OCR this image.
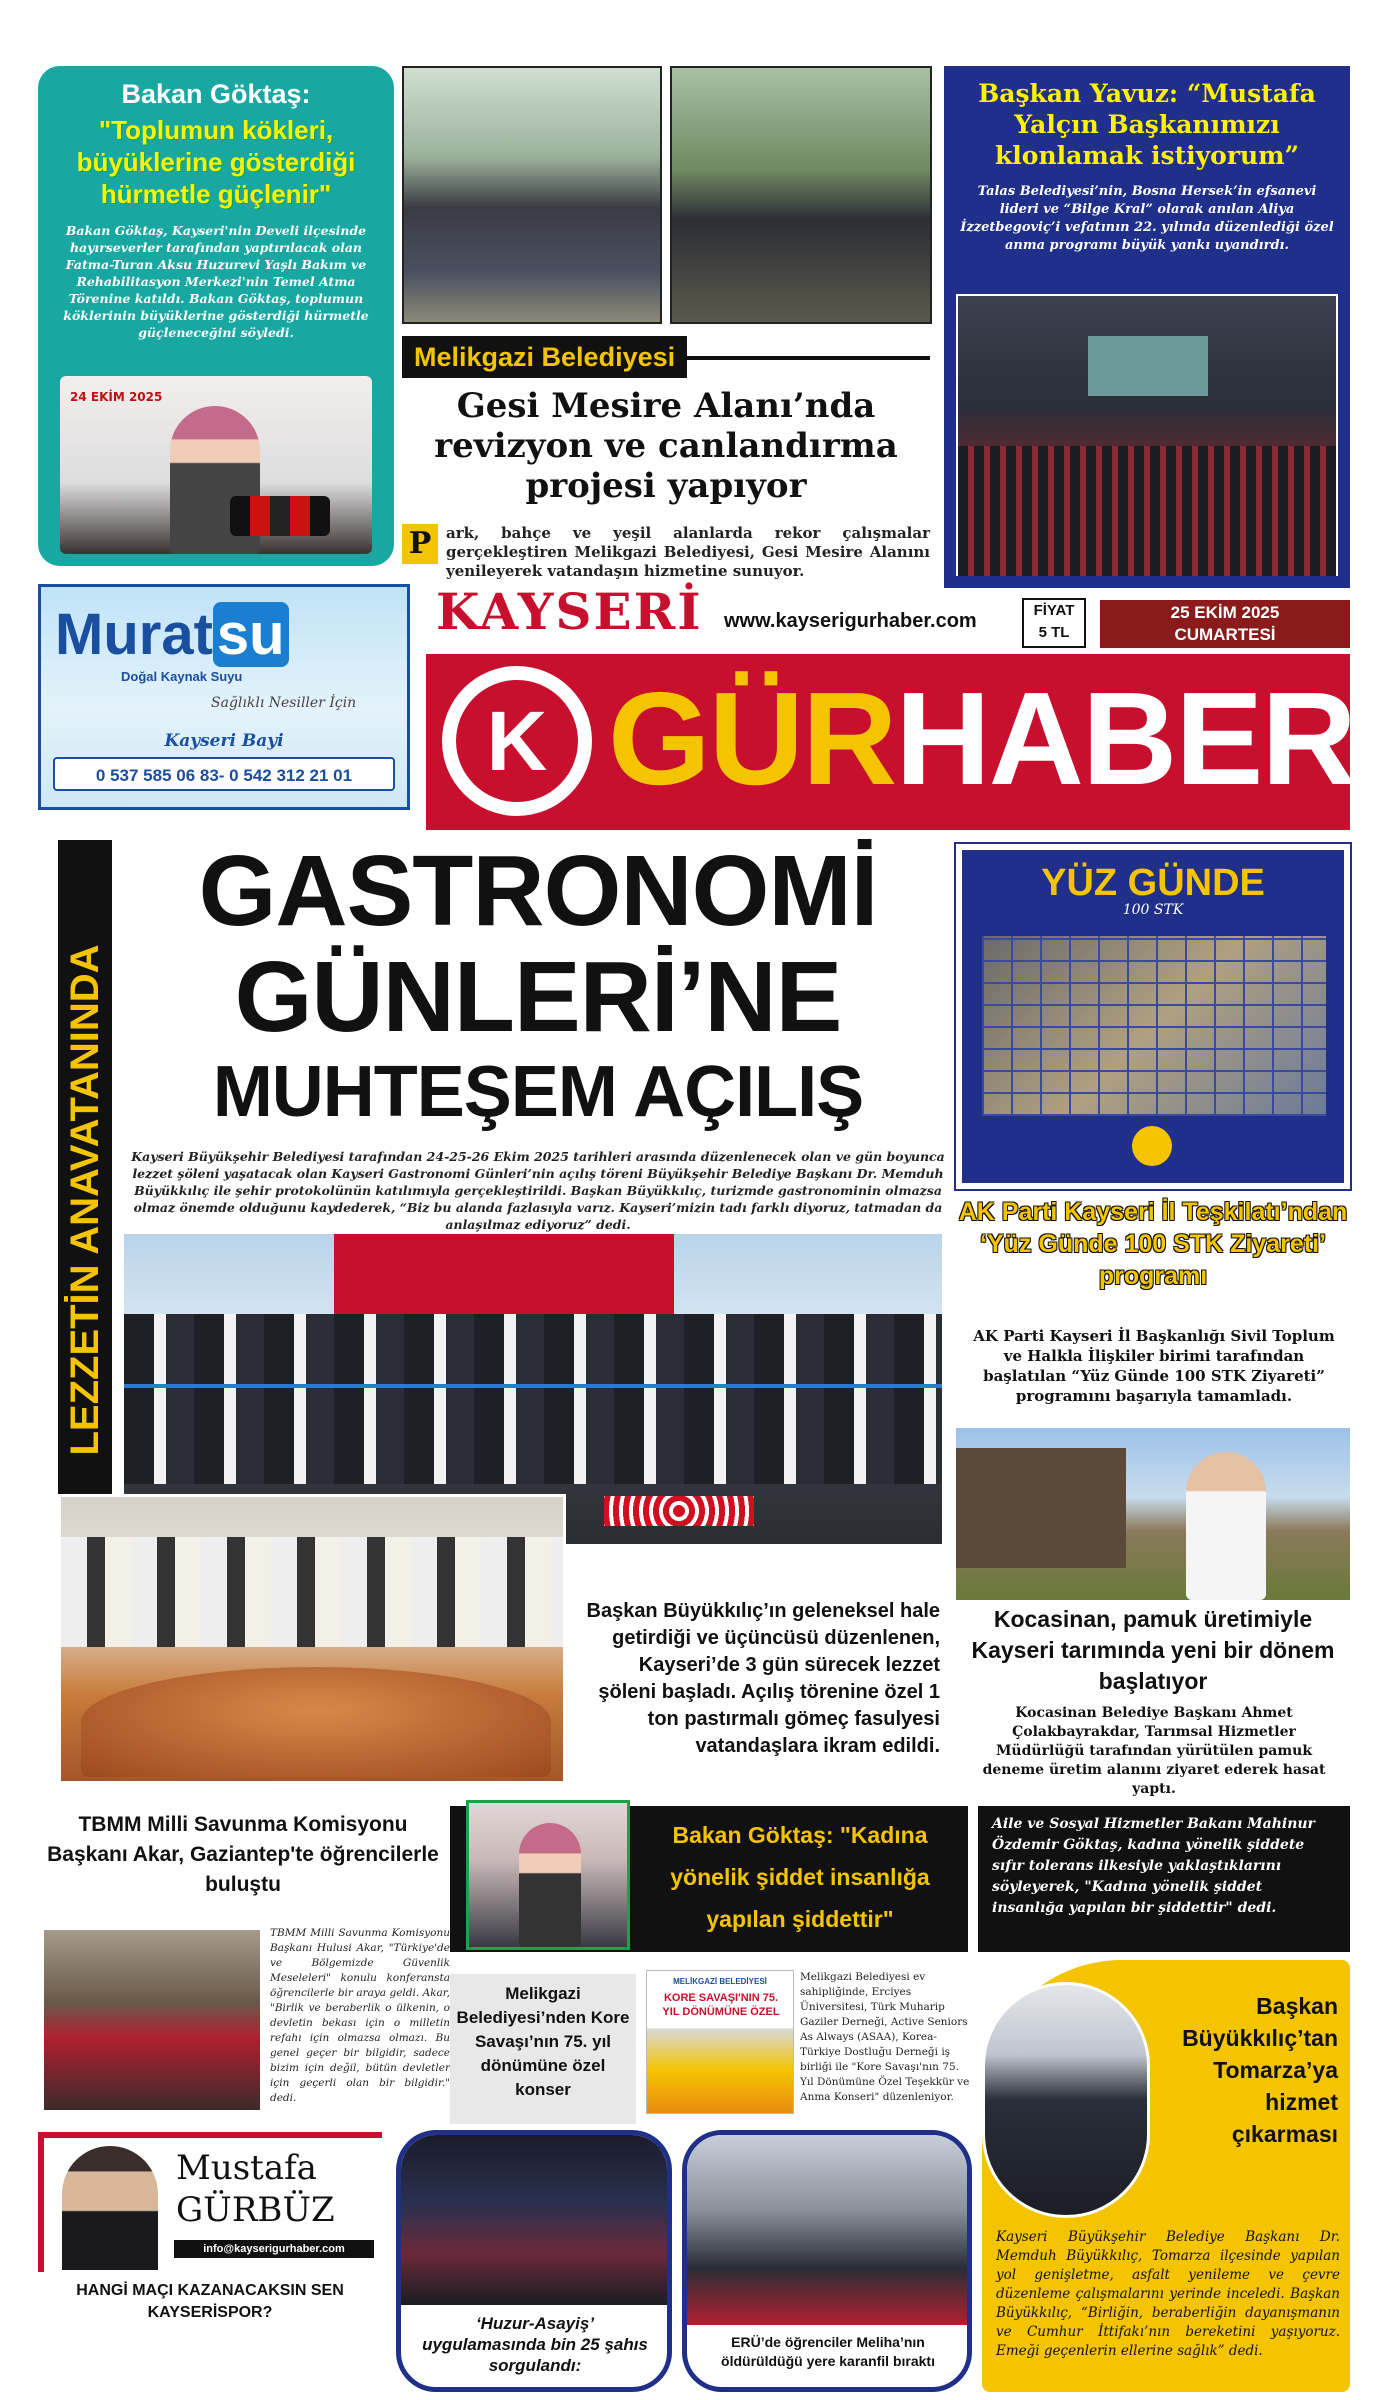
Bakan Göktaş:
"Toplumun kökleri, büyüklerine gösterdiği hürmetle güçlenir"
Bakan Göktaş, Kayseri'nin Develi ilçesinde hayırseverler tarafından yaptırılacak olan Fatma-Turan Aksu Huzurevi Yaşlı Bakım ve Rehabilitasyon Merkezi'nin Temel Atma Törenine katıldı. Bakan Göktaş, toplumun köklerinin büyüklerine gösterdiği hürmetle güçleneceğini söyledi.
24 EKİM 2025
Melikgazi Belediyesi
Gesi Mesire Alanı’nda revizyon ve canlandırma projesi yapıyor
P ark, bahçe ve yeşil alanlarda rekor çalışmalar gerçekleştiren Melikgazi Belediyesi, Gesi Mesire Alanını yenileyerek vatandaşın hizmetine sunuyor.
Başkan Yavuz: “Mustafa Yalçın Başkanımızı klonlamak istiyorum”
Talas Belediyesi’nin, Bosna Hersek’in efsanevi lideri ve “Bilge Kral” olarak anılan Aliya İzzetbegoviç’i vefatının 22. yılında düzenlediği özel anma programı büyük yankı uyandırdı.
Muratsu
Doğal Kaynak Suyu
Sağlıklı Nesiller İçin
Kayseri Bayi
0 537 585 06 83- 0 542 312 21 01
KAYSERİ www.kayserigurhaber.com	FİYAT
5 TL
25 EKİM 2025
CUMARTESİ
K GÜRHABER
LEZZETİN ANAVATANINDA
GASTRONOMİ
GÜNLERİ’NE
MUHTEŞEM AÇILIŞ
Kayseri Büyükşehir Belediyesi tarafından 24-25-26 Ekim 2025 tarihleri arasında düzenlenecek olan ve gün boyunca lezzet şöleni yaşatacak olan Kayseri Gastronomi Günleri’nin açılış töreni Büyükşehir Belediye Başkanı Dr. Memduh Büyükkılıç ile şehir protokolünün katılımıyla gerçekleştirildi. Başkan Büyükkılıç, turizmde gastronominin olmazsa olmaz önemde olduğunu kaydederek, “Biz bu alanda fazlasıyla varız. Kayseri’mizin tadı farklı diyoruz, tatmadan da anlaşılmaz ediyoruz” dedi.
Başkan Büyükkılıç’ın geleneksel hale getirdiği ve üçüncüsü düzenlenen, Kayseri’de 3 gün sürecek lezzet şöleni başladı. Açılış törenine özel 1 ton pastırmalı gömeç fasulyesi vatandaşlara ikram edildi.
YÜZ GÜNDE
100 STK
AK Parti Kayseri İl Teşkilatı’ndan ‘Yüz Günde 100 STK Ziyareti’ programı
AK Parti Kayseri İl Başkanlığı Sivil Toplum ve Halkla İlişkiler birimi tarafından başlatılan “Yüz Günde 100 STK Ziyareti” programını başarıyla tamamladı.
Kocasinan, pamuk üretimiyle Kayseri tarımında yeni bir dönem başlatıyor
Kocasinan Belediye Başkanı Ahmet Çolakbayrakdar, Tarımsal Hizmetler Müdürlüğü tarafından yürütülen pamuk deneme üretim alanını ziyaret ederek hasat yaptı.
TBMM Milli Savunma Komisyonu Başkanı Akar, Gaziantep'te öğrencilerle buluştu
TBMM Milli Savunma Komisyonu Başkanı Hulusi Akar, "Türkiye'de ve Bölgemizde Güvenlik Meseleleri" konulu konferansta öğrencilerle bir araya geldi. Akar, "Birlik ve beraberlik o ülkenin, o devletin bekası için o milletin refahı için olmazsa olmazı. Bu genel geçer bir bilgidir, sadece bizim için değil, bütün devletler için geçerli olan bir bilgidir." dedi.
Bakan Göktaş: "Kadına yönelik şiddet insanlığa yapılan şiddettir"
Aile ve Sosyal Hizmetler Bakanı Mahinur Özdemir Göktaş, kadına yönelik şiddete sıfır tolerans ilkesiyle yaklaştıklarını söyleyerek, "Kadına yönelik şiddet insanlığa yapılan bir şiddettir" dedi.
Melikgazi Belediyesi’nden Kore Savaşı’nın 75. yıl dönümüne özel konser
MELİKGAZİ BELEDİYESİ
KORE SAVAŞI'NIN 75. YIL DÖNÜMÜNE ÖZEL
Melikgazi Belediyesi ev sahipliğinde, Erciyes Üniversitesi, Türk Muharip Gaziler Derneği, Active Seniors As Always (ASAA), Korea-Türkiye Dostluğu Derneği iş birliği ile "Kore Savaşı'nın 75. Yıl Dönümüne Özel Teşekkür ve Anma Konseri" düzenleniyor.
Başkan Büyükkılıç’tan Tomarza’ya hizmet çıkarması
Kayseri Büyükşehir Belediye Başkanı Dr. Memduh Büyükkılıç, Tomarza ilçesinde yapılan yol genişletme, asfalt yenileme ve çevre düzenleme çalışmalarını yerinde inceledi. Başkan Büyükkılıç, “Birliğin, beraberliğin dayanışmanın ve Cumhur İttifakı’nın bereketini yaşıyoruz. Emeği geçenlerin ellerine sağlık” dedi.
Mustafa
GÜRBÜZ
info@kayserigurhaber.com
HANGİ MAÇI KAZANACAKSIN SEN KAYSERİSPOR?
‘Huzur-Asayiş’ uygulamasında bin 25 şahıs sorgulandı:
ERÜ’de öğrenciler Meliha’nın öldürüldüğü yere karanfil bıraktı
